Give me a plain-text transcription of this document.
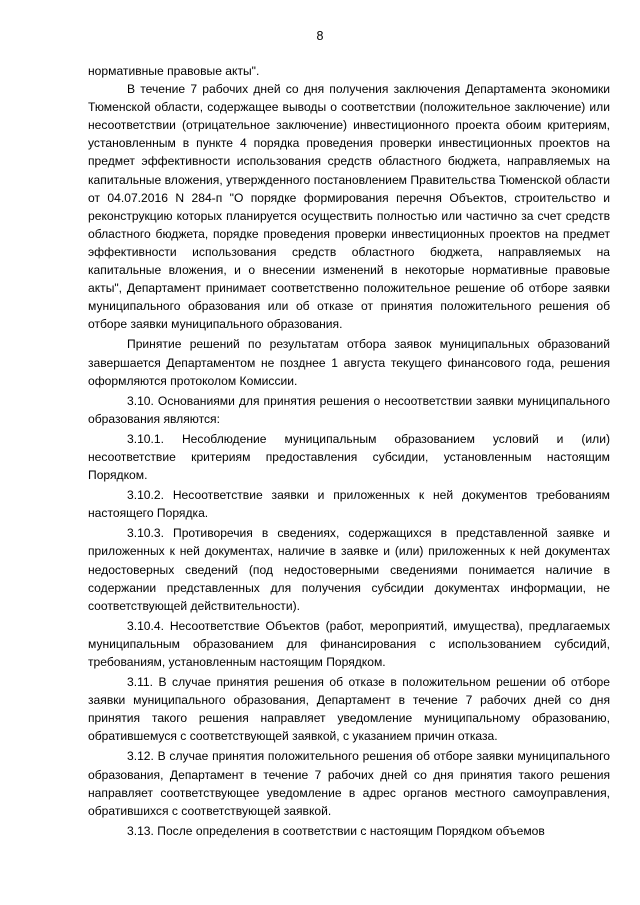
8

нормативные правовые акты".

В течение 7 рабочих дней со дня получения заключения Департамента экономики Тюменской области, содержащее выводы о соответствии (положительное заключение) или несоответствии (отрицательное заключение) инвестиционного проекта обоим критериям, установленным в пункте 4 порядка проведения проверки инвестиционных проектов на предмет эффективности использования средств областного бюджета, направляемых на капитальные вложения, утвержденного постановлением Правительства Тюменской области от 04.07.2016 N 284-п "О порядке формирования перечня Объектов, строительство и реконструкцию которых планируется осуществить полностью или частично за счет средств областного бюджета, порядке проведения проверки инвестиционных проектов на предмет эффективности использования средств областного бюджета, направляемых на капитальные вложения, и о внесении изменений в некоторые нормативные правовые акты", Департамент принимает соответственно положительное решение об отборе заявки муниципального образования или об отказе от принятия положительного решения об отборе заявки муниципального образования.

Принятие решений по результатам отбора заявок муниципальных образований завершается Департаментом не позднее 1 августа текущего финансового года, решения оформляются протоколом Комиссии.

3.10. Основаниями для принятия решения о несоответствии заявки муниципального образования являются:

3.10.1. Несоблюдение муниципальным образованием условий и (или) несоответствие критериям предоставления субсидии, установленным настоящим Порядком.

3.10.2. Несоответствие заявки и приложенных к ней документов требованиям настоящего Порядка.

3.10.3. Противоречия в сведениях, содержащихся в представленной заявке и приложенных к ней документах, наличие в заявке и (или) приложенных к ней документах недостоверных сведений (под недостоверными сведениями понимается наличие в содержании представленных для получения субсидии документах информации, не соответствующей действительности).

3.10.4. Несоответствие Объектов (работ, мероприятий, имущества), предлагаемых муниципальным образованием для финансирования с использованием субсидий, требованиям, установленным настоящим Порядком.

3.11. В случае принятия решения об отказе в положительном решении об отборе заявки муниципального образования, Департамент в течение 7 рабочих дней со дня принятия такого решения направляет уведомление муниципальному образованию, обратившемуся с соответствующей заявкой, с указанием причин отказа.

3.12. В случае принятия положительного решения об отборе заявки муниципального образования, Департамент в течение 7 рабочих дней со дня принятия такого решения направляет соответствующее уведомление в адрес органов местного самоуправления, обратившихся с соответствующей заявкой.

3.13. После определения в соответствии с настоящим Порядком объемов
